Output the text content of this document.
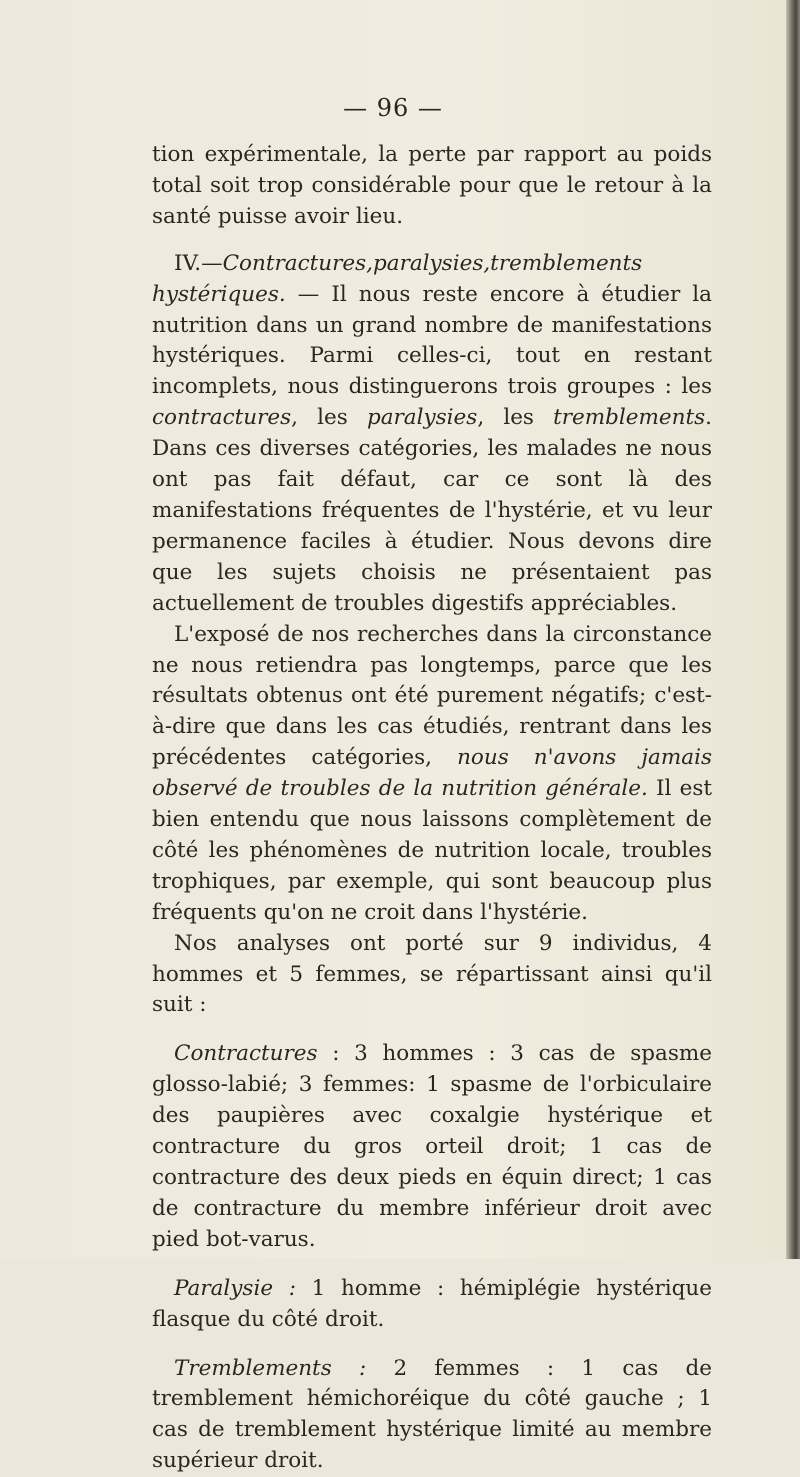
— 96 —

tion expérimentale, la perte par rapport au poids total soit trop considérable pour que le retour à la santé puisse avoir lieu.

IV.—Contractures,paralysies,tremblements hystériques. — Il nous reste encore à étudier la nutrition dans un grand nombre de manifestations hystériques. Parmi celles-ci, tout en restant incomplets, nous distinguerons trois groupes : les contractures, les paralysies, les tremblements. Dans ces diverses catégories, les malades ne nous ont pas fait défaut, car ce sont là des manifestations fréquentes de l'hystérie, et vu leur permanence faciles à étudier. Nous devons dire que les sujets choisis ne présentaient pas actuellement de troubles digestifs appréciables.

L'exposé de nos recherches dans la circonstance ne nous retiendra pas longtemps, parce que les résultats obtenus ont été purement négatifs; c'est-à-dire que dans les cas étudiés, rentrant dans les précédentes catégories, nous n'avons jamais observé de troubles de la nutrition générale. Il est bien entendu que nous laissons complètement de côté les phénomènes de nutrition locale, troubles trophiques, par exemple, qui sont beaucoup plus fréquents qu'on ne croit dans l'hystérie.

Nos analyses ont porté sur 9 individus, 4 hommes et 5 femmes, se répartissant ainsi qu'il suit :

Contractures : 3 hommes : 3 cas de spasme glosso-labié; 3 femmes: 1 spasme de l'orbiculaire des paupières avec coxalgie hystérique et contracture du gros orteil droit; 1 cas de contracture des deux pieds en équin direct; 1 cas de contracture du membre inférieur droit avec pied bot-varus.

Paralysie : 1 homme : hémiplégie hystérique flasque du côté droit.

Tremblements : 2 femmes : 1 cas de tremblement hémichoréique du côté gauche ; 1 cas de tremblement hystérique limité au membre supérieur droit.
